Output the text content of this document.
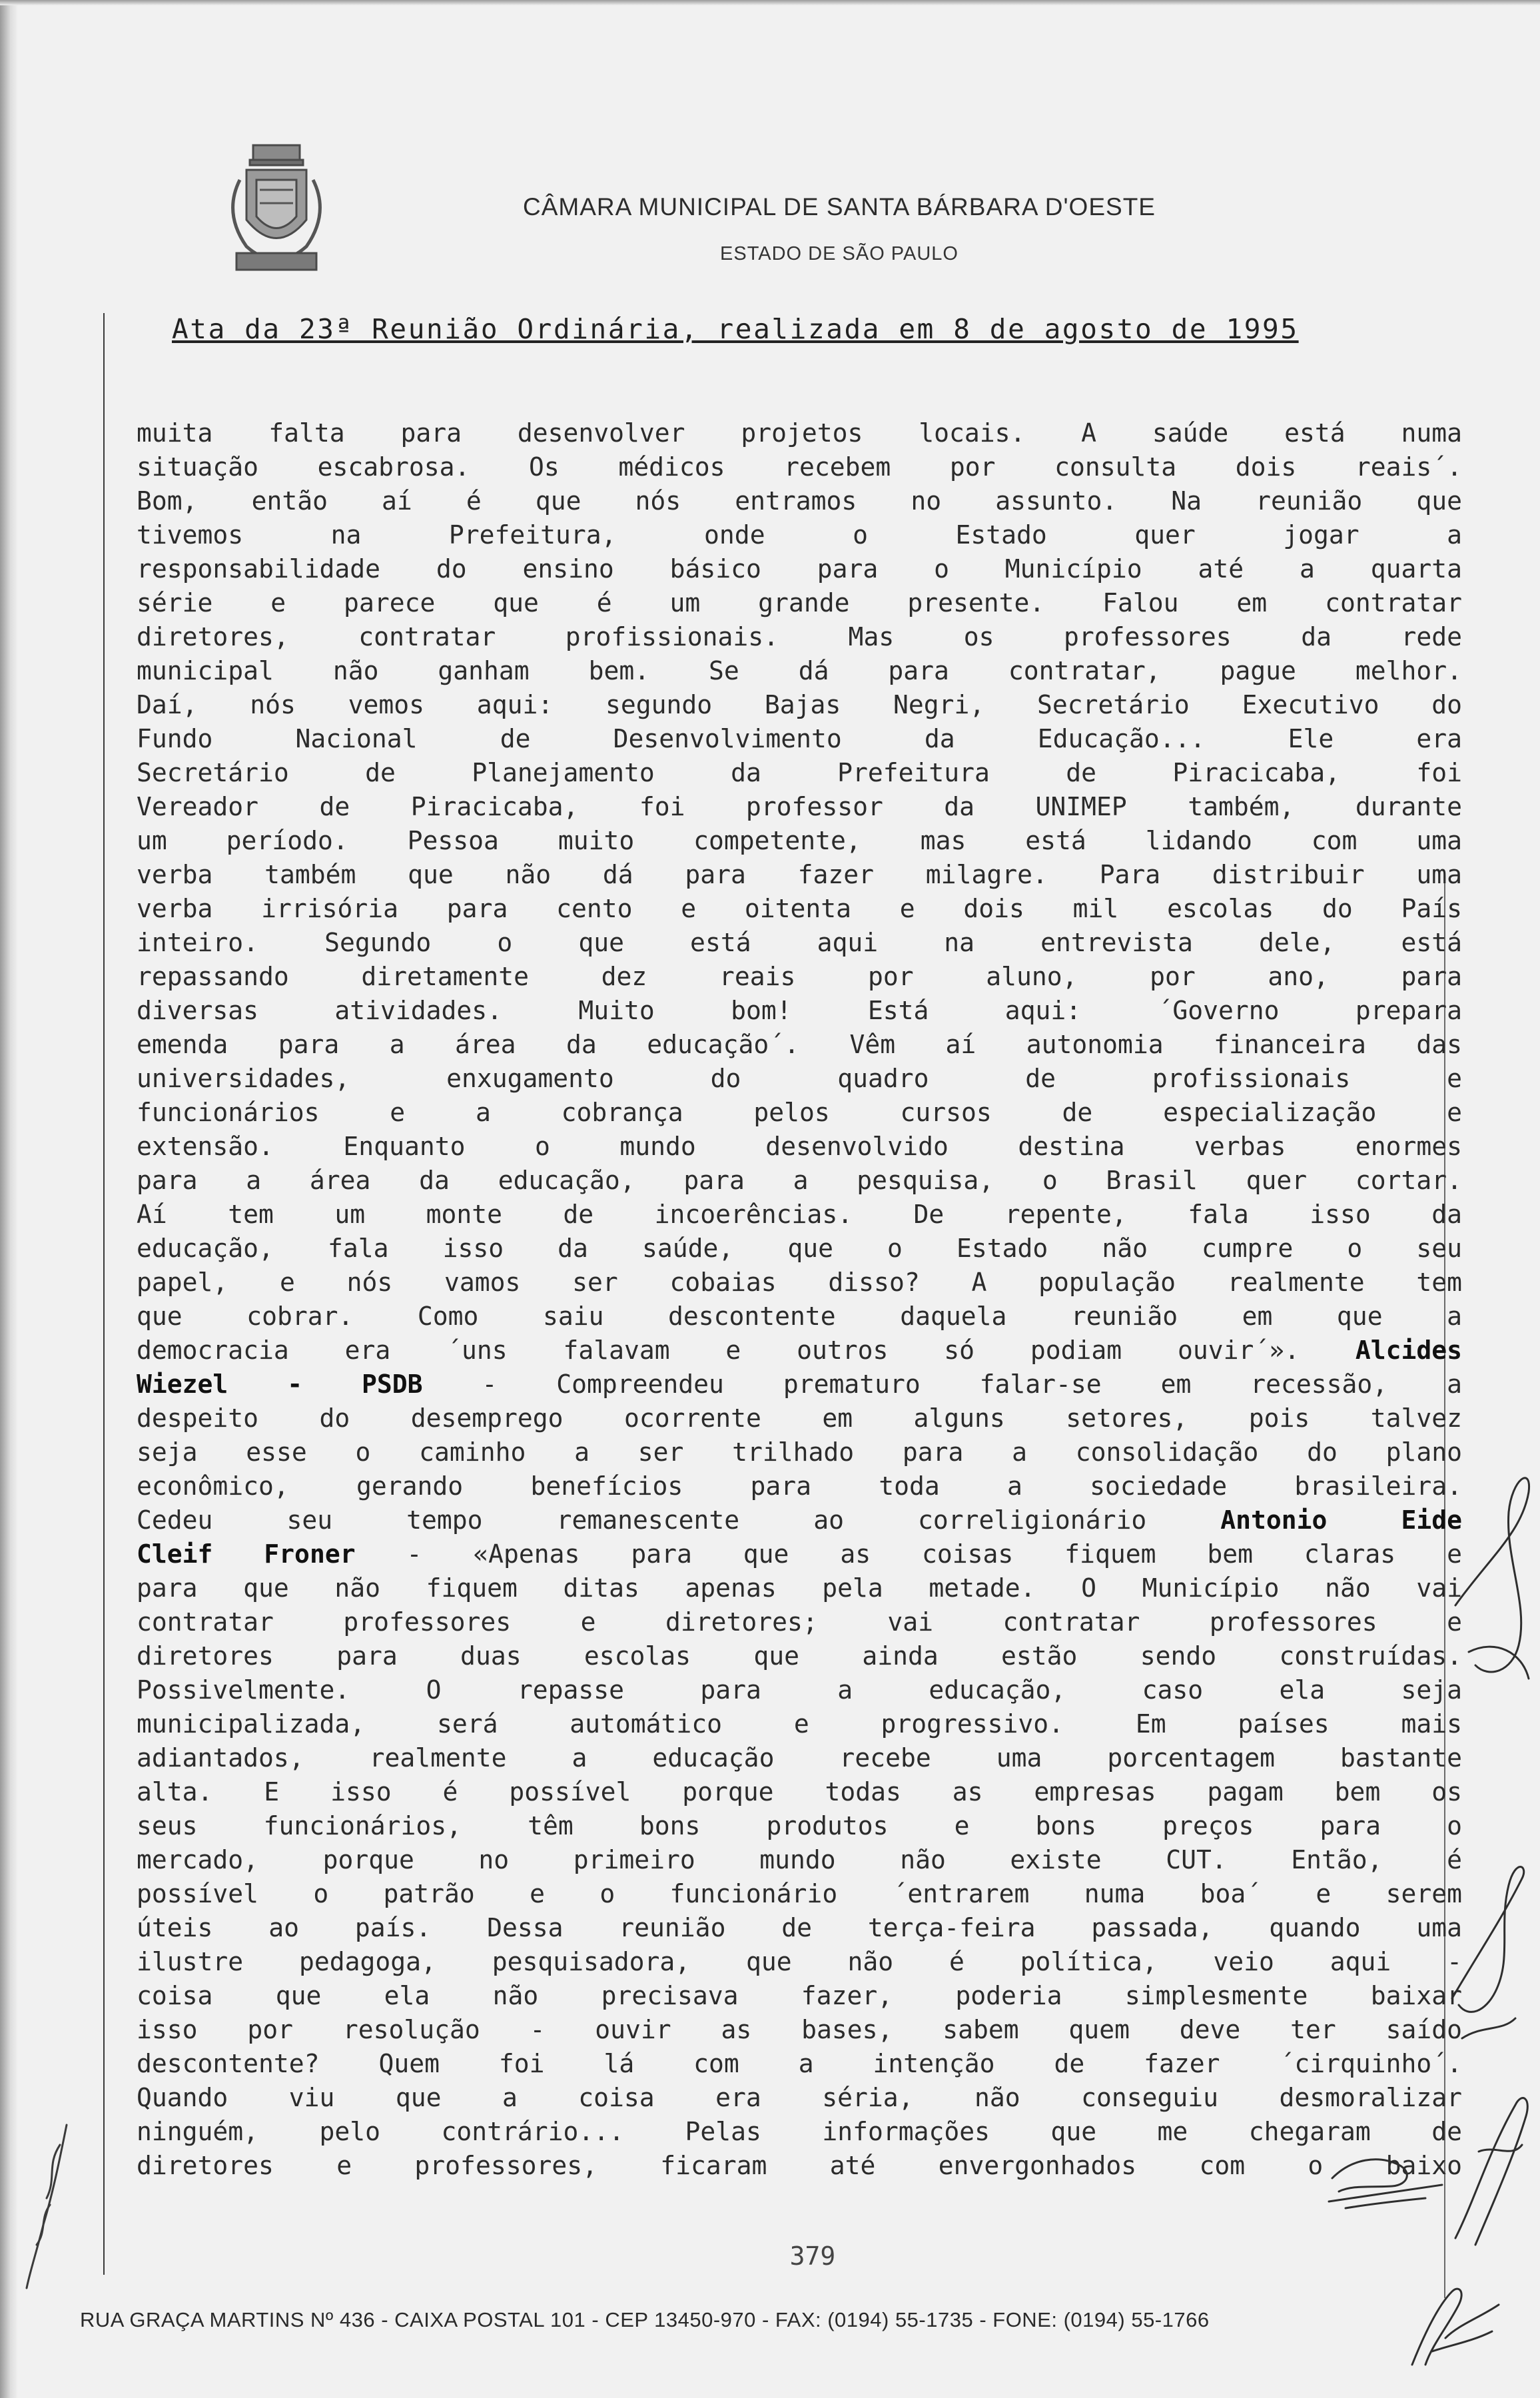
CÂMARA MUNICIPAL DE SANTA BÁRBARA D'OESTE
ESTADO DE SÃO PAULO
Ata da 23ª Reunião Ordinária, realizada em 8 de agosto de 1995
muita falta para desenvolver projetos locais. A saúde está numa
situação escabrosa. Os médicos recebem por consulta dois reais´.
Bom, então aí é que nós entramos no assunto. Na reunião que
tivemos na Prefeitura, onde o Estado quer jogar a
responsabilidade do ensino básico para o Município até a quarta
série e parece que é um grande presente. Falou em contratar
diretores, contratar profissionais. Mas os professores da rede
municipal não ganham bem. Se dá para contratar, pague melhor.
Daí, nós vemos aqui: segundo Bajas Negri, Secretário Executivo do
Fundo Nacional de Desenvolvimento da Educação... Ele era
Secretário de Planejamento da Prefeitura de Piracicaba, foi
Vereador de Piracicaba, foi professor da UNIMEP também, durante
um período. Pessoa muito competente, mas está lidando com uma
verba também que não dá para fazer milagre. Para distribuir uma
verba irrisória para cento e oitenta e dois mil escolas do País
inteiro. Segundo o que está aqui na entrevista dele, está
repassando diretamente dez reais por aluno, por ano, para
diversas atividades. Muito bom! Está aqui: ´Governo prepara
emenda para a área da educação´. Vêm aí autonomia financeira das
universidades, enxugamento do quadro de profissionais e
funcionários e a cobrança pelos cursos de especialização e
extensão. Enquanto o mundo desenvolvido destina verbas enormes
para a área da educação, para a pesquisa, o Brasil quer cortar.
Aí tem um monte de incoerências. De repente, fala isso da
educação, fala isso da saúde, que o Estado não cumpre o seu
papel, e nós vamos ser cobaias disso? A população realmente tem
que cobrar. Como saiu descontente daquela reunião em que a
democracia era ´uns falavam e outros só podiam ouvir´». Alcides
Wiezel - PSDB - Compreendeu prematuro falar-se em recessão, a
despeito do desemprego ocorrente em alguns setores, pois talvez
seja esse o caminho a ser trilhado para a consolidação do plano
econômico, gerando benefícios para toda a sociedade brasileira.
Cedeu seu tempo remanescente ao correligionário Antonio Eide
Cleif Froner - «Apenas para que as coisas fiquem bem claras e
para que não fiquem ditas apenas pela metade. O Município não vai
contratar professores e diretores; vai contratar professores e
diretores para duas escolas que ainda estão sendo construídas.
Possivelmente. O repasse para a educação, caso ela seja
municipalizada, será automático e progressivo. Em países mais
adiantados, realmente a educação recebe uma porcentagem bastante
alta. E isso é possível porque todas as empresas pagam bem os
seus funcionários, têm bons produtos e bons preços para o
mercado, porque no primeiro mundo não existe CUT. Então, é
possível o patrão e o funcionário ´entrarem numa boa´ e serem
úteis ao país. Dessa reunião de terça-feira passada, quando uma
ilustre pedagoga, pesquisadora, que não é política, veio aqui -
coisa que ela não precisava fazer, poderia simplesmente baixar
isso por resolução - ouvir as bases, sabem quem deve ter saído
descontente? Quem foi lá com a intenção de fazer ´cirquinho´.
Quando viu que a coisa era séria, não conseguiu desmoralizar
ninguém, pelo contrário... Pelas informações que me chegaram de
diretores e professores, ficaram até envergonhados com o baixo
379
RUA GRAÇA MARTINS Nº 436 - CAIXA POSTAL 101 - CEP 13450-970 - FAX: (0194) 55-1735 - FONE: (0194) 55-1766
